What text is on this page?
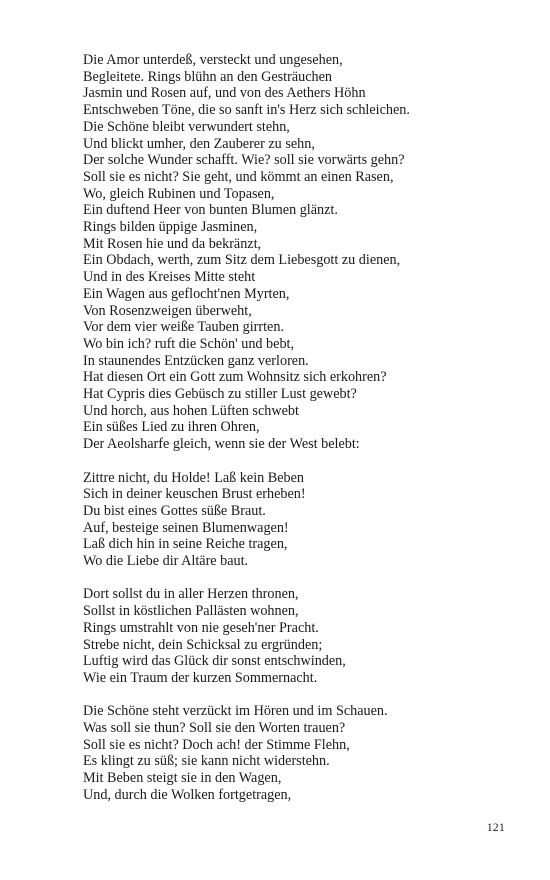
Die Amor unterdeß, versteckt und ungesehen,
Begleitete. Rings blühn an den Gesträuchen
Jasmin und Rosen auf, und von des Aethers Höhn
Entschweben Töne, die so sanft in's Herz sich schleichen.
Die Schöne bleibt verwundert stehn,
Und blickt umher, den Zauberer zu sehn,
Der solche Wunder schafft. Wie? soll sie vorwärts gehn?
Soll sie es nicht? Sie geht, und kömmt an einen Rasen,
Wo, gleich Rubinen und Topasen,
Ein duftend Heer von bunten Blumen glänzt.
Rings bilden üppige Jasminen,
Mit Rosen hie und da bekränzt,
Ein Obdach, werth, zum Sitz dem Liebesgott zu dienen,
Und in des Kreises Mitte steht
Ein Wagen aus geflocht'nen Myrten,
Von Rosenzweigen überweht,
Vor dem vier weiße Tauben girrten.
Wo bin ich? ruft die Schön' und bebt,
In staunendes Entzücken ganz verloren.
Hat diesen Ort ein Gott zum Wohnsitz sich erkohren?
Hat Cypris dies Gebüsch zu stiller Lust gewebt?
Und horch, aus hohen Lüften schwebt
Ein süßes Lied zu ihren Ohren,
Der Aeolsharfe gleich, wenn sie der West belebt:
Zittre nicht, du Holde! Laß kein Beben
Sich in deiner keuschen Brust erheben!
Du bist eines Gottes süße Braut.
Auf, besteige seinen Blumenwagen!
Laß dich hin in seine Reiche tragen,
Wo die Liebe dir Altäre baut.
Dort sollst du in aller Herzen thronen,
Sollst in köstlichen Pallästen wohnen,
Rings umstrahlt von nie geseh'ner Pracht.
Strebe nicht, dein Schicksal zu ergründen;
Luftig wird das Glück dir sonst entschwinden,
Wie ein Traum der kurzen Sommernacht.
Die Schöne steht verzückt im Hören und im Schauen.
Was soll sie thun? Soll sie den Worten trauen?
Soll sie es nicht? Doch ach! der Stimme Flehn,
Es klingt zu süß; sie kann nicht widerstehn.
Mit Beben steigt sie in den Wagen,
Und, durch die Wolken fortgetragen,
121
